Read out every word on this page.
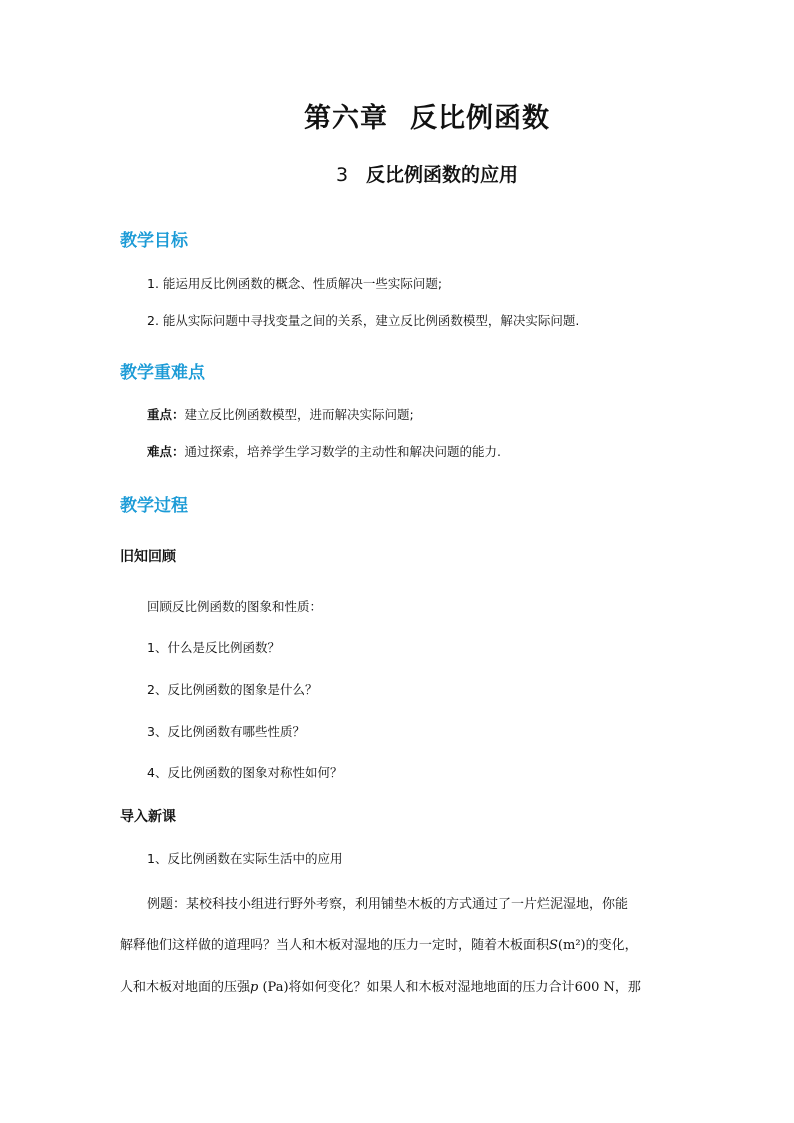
第六章 反比例函数
3 反比例函数的应用
教学目标
1. 能运用反比例函数的概念、性质解决一些实际问题;
2. 能从实际问题中寻找变量之间的关系，建立反比例函数模型，解决实际问题.
教学重难点
重点：建立反比例函数模型，进而解决实际问题;
难点：通过探索，培养学生学习数学的主动性和解决问题的能力.
教学过程
旧知回顾
回顾反比例函数的图象和性质：
1、什么是反比例函数？
2、反比例函数的图象是什么？
3、反比例函数有哪些性质？
4、反比例函数的图象对称性如何？
导入新课
1、反比例函数在实际生活中的应用
例题：某校科技小组进行野外考察，利用铺垫木板的方式通过了一片烂泥湿地，你能
解释他们这样做的道理吗？当人和木板对湿地的压力一定时，随着木板面积S(m²)的变化，
人和木板对地面的压强p (Pa)将如何变化？如果人和木板对湿地地面的压力合计600 N，那
